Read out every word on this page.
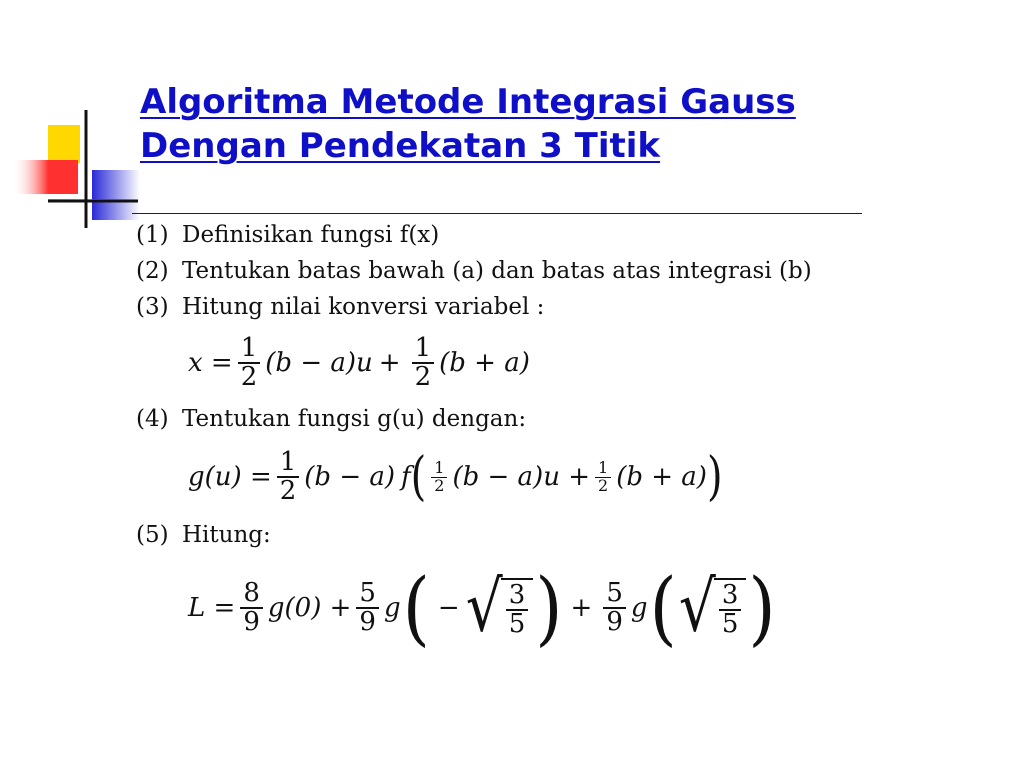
Algoritma Metode Integrasi Gauss
Dengan Pendekatan 3 Titik
(1) Definisikan fungsi f(x)
(2) Tentukan batas bawah (a) dan batas atas integrasi (b)
(3) Hitung nilai konversi variabel :
$x = \frac{1}{2} (b - a) u + \frac{1}{2} (b + a)$
(4) Tentukan fungsi g(u) dengan:
$g(u) = \frac{1}{2} (b - a)$ f ( $\frac{1}{2} (b - a)u + \frac{1}{2} (b + a)$ )
(5) Hitung:
$L = \frac{8}{9} g(0) + \frac{5}{9}$ g ( − √ $\frac{3}{5}$ ) + $\frac{5}{9}$ g ( √ $\frac{3}{5}$ )
